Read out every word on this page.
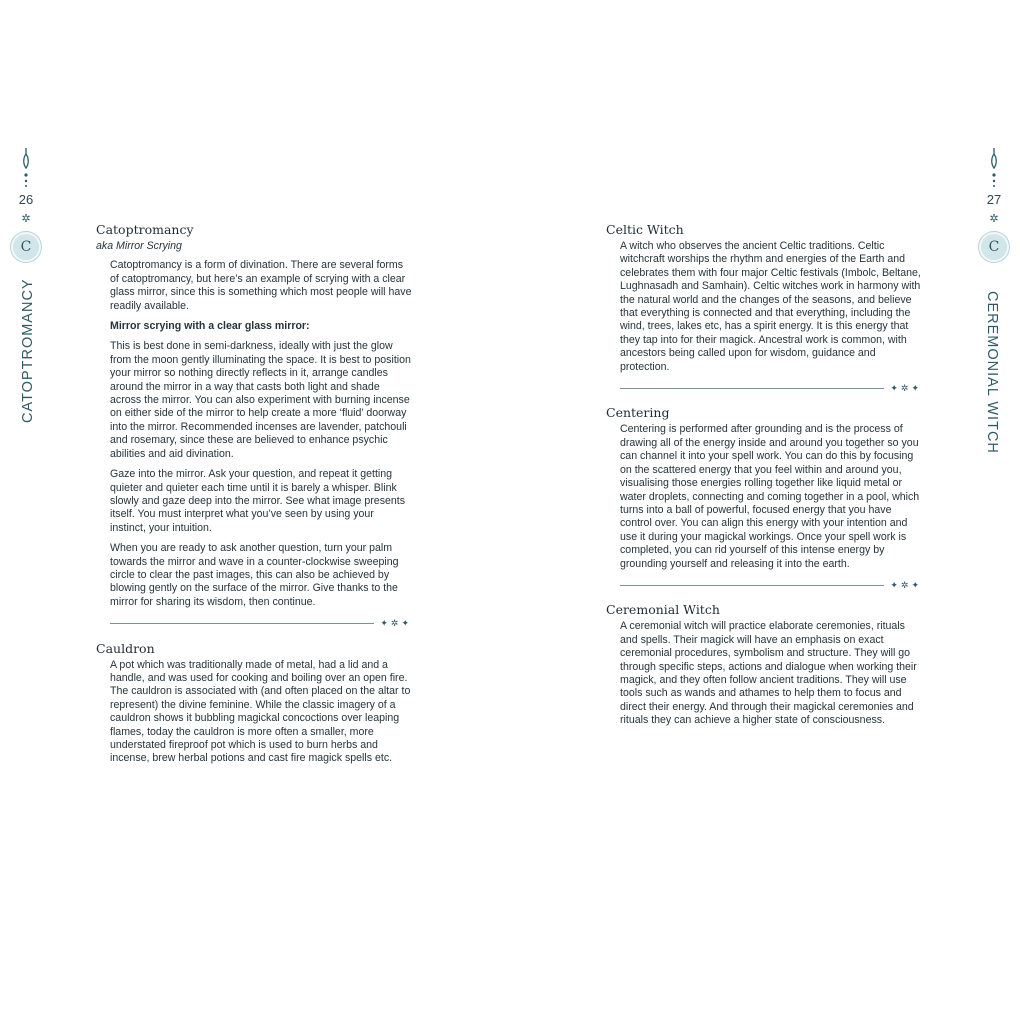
26
✲
C
CATOPTROMANCY
Catoptromancy
aka Mirror Scrying

Catoptromancy is a form of divination. There are several forms of catoptromancy, but here’s an example of scrying with a clear glass mirror, since this is something which most people will have readily available.

Mirror scrying with a clear glass mirror:

This is best done in semi-darkness, ideally with just the glow from the moon gently illuminating the space. It is best to position your mirror so nothing directly reflects in it, arrange candles around the mirror in a way that casts both light and shade across the mirror. You can also experiment with burning incense on either side of the mirror to help create a more ‘fluid’ doorway into the mirror. Recommended incenses are lavender, patchouli and rosemary, since these are believed to enhance psychic abilities and aid divination.

Gaze into the mirror. Ask your question, and repeat it getting quieter and quieter each time until it is barely a whisper. Blink slowly and gaze deep into the mirror. See what image presents itself. You must interpret what you’ve seen by using your instinct, your intuition.

When you are ready to ask another question, turn your palm towards the mirror and wave in a counter-clockwise sweeping circle to clear the past images, this can also be achieved by blowing gently on the surface of the mirror. Give thanks to the mirror for sharing its wisdom, then continue.

✦✲✦
Cauldron

A pot which was traditionally made of metal, had a lid and a handle, and was used for cooking and boiling over an open fire. The cauldron is associated with (and often placed on the altar to represent) the divine feminine. While the classic imagery of a cauldron shows it bubbling magickal concoctions over leaping flames, today the cauldron is more often a smaller, more understated fireproof pot which is used to burn herbs and incense, brew herbal potions and cast fire magick spells etc.

27
✲
C
CEREMONIAL WITCH
Celtic Witch

A witch who observes the ancient Celtic traditions. Celtic witchcraft worships the rhythm and energies of the Earth and celebrates them with four major Celtic festivals (Imbolc, Beltane, Lughnasadh and Samhain). Celtic witches work in harmony with the natural world and the changes of the seasons, and believe that everything is connected and that everything, including the wind, trees, lakes etc, has a spirit energy. It is this energy that they tap into for their magick. Ancestral work is common, with ancestors being called upon for wisdom, guidance and protection.

✦✲✦
Centering

Centering is performed after grounding and is the process of drawing all of the energy inside and around you together so you can channel it into your spell work. You can do this by focusing on the scattered energy that you feel within and around you, visualising those energies rolling together like liquid metal or water droplets, connecting and coming together in a pool, which turns into a ball of powerful, focused energy that you have control over. You can align this energy with your intention and use it during your magickal workings. Once your spell work is completed, you can rid yourself of this intense energy by grounding yourself and releasing it into the earth.

✦✲✦
Ceremonial Witch

A ceremonial witch will practice elaborate ceremonies, rituals and spells. Their magick will have an emphasis on exact ceremonial procedures, symbolism and structure. They will go through specific steps, actions and dialogue when working their magick, and they often follow ancient traditions. They will use tools such as wands and athames to help them to focus and direct their energy. And through their magickal ceremonies and rituals they can achieve a higher state of consciousness.
